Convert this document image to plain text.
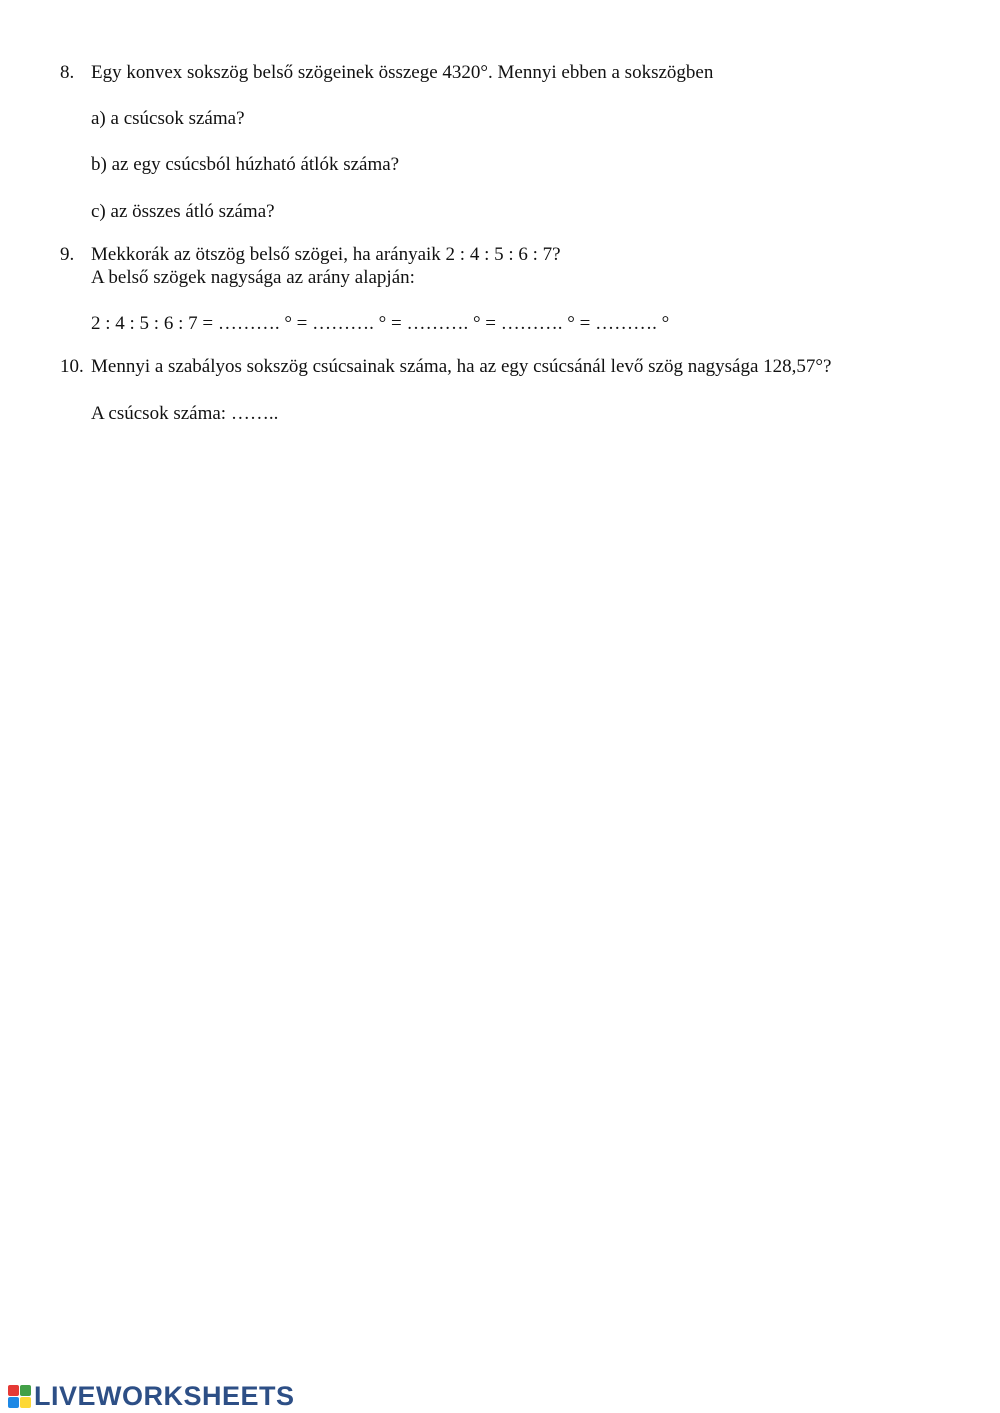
8. Egy konvex sokszög belső szögeinek összege 4320°. Mennyi ebben a sokszögben
a) a csúcsok száma?
b) az egy csúcsból húzható átlók száma?
c) az összes átló száma?
9. Mekkorák az ötszög belső szögei, ha arányaik 2 : 4 : 5 : 6 : 7?
A belső szögek nagysága az arány alapján:
2 : 4 : 5 : 6 : 7 = ………. ° = ………. ° = ………. ° = ………. ° = ………. °
10. Mennyi a szabályos sokszög csúcsainak száma, ha az egy csúcsánál levő szög nagysága 128,57°?
A csúcsok száma: ……..
LIVEWORKSHEETS
